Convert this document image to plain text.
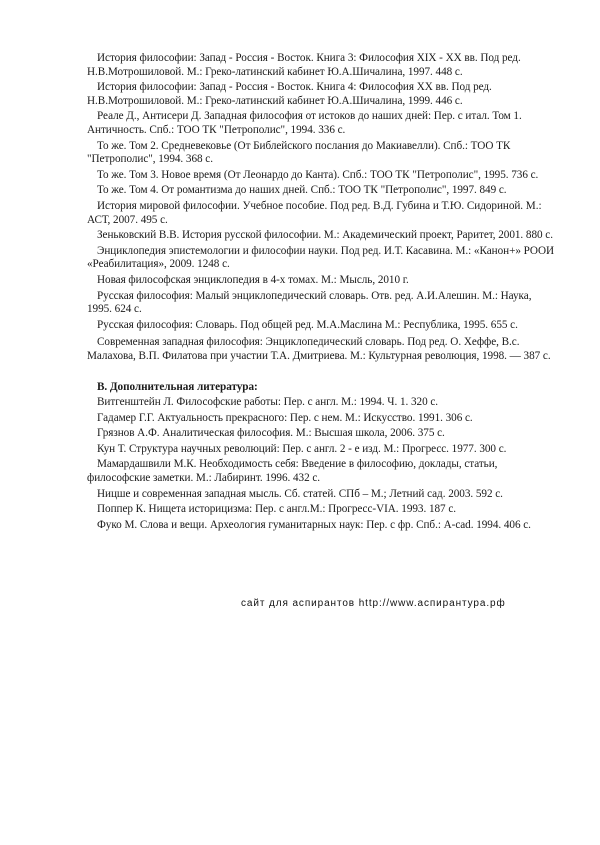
История философии: Запад - Россия - Восток. Книга 3: Философия XIX - XX вв. Под ред. Н.В.Мотрошиловой. М.: Греко-латинский кабинет Ю.А.Шичалина, 1997. 448 с.
История философии: Запад - Россия - Восток. Книга 4: Философия XX вв. Под ред. Н.В.Мотрошиловой. М.: Греко-латинский кабинет Ю.А.Шичалина, 1999. 446 с.
Реале Д., Антисери Д. Западная философия от истоков до наших дней: Пер. с итал. Том 1. Античность. Спб.: ТОО ТК "Петрополис", 1994. 336 с.
То же. Том 2. Средневековье (От Библейского послания до Макиавелли). Спб.: ТОО ТК "Петрополис", 1994. 368 с.
То же. Том 3. Новое время (От Леонардо до Канта). Спб.: ТОО ТК "Петрополис", 1995. 736 с.
То же. Том 4. От романтизма до наших дней. Спб.: ТОО ТК "Петрополис", 1997. 849 с.
История мировой философии. Учебное пособие. Под ред. В.Д. Губина и Т.Ю. Сидориной. М.: АСТ, 2007. 495 с.
Зеньковский В.В. История русской философии. М.: Академический проект, Раритет, 2001. 880 с.
Энциклопедия эпистемологии и философии науки. Под ред. И.Т. Касавина. М.: «Канон+» РООИ «Реабилитация», 2009. 1248 с.
Новая философская энциклопедия в 4-х томах. М.: Мысль, 2010 г.
Русская философия: Малый энциклопедический словарь. Отв. ред. А.И.Алешин. М.: Наука, 1995. 624 с.
Русская философия: Словарь. Под общей ред. М.А.Маслина М.: Республика, 1995. 655 с.
Современная западная философия: Энциклопедический словарь. Под ред. О. Хеффе, В.с. Малахова, В.П. Филатова при участии Т.А. Дмитриева. М.: Культурная революция, 1998. — 387 с.
В. Дополнительная литература:
Витгенштейн Л. Философские работы: Пер. с англ. М.: 1994. Ч. 1. 320 с.
Гадамер Г.Г. Актуальность прекрасного: Пер. с нем. М.: Искусство. 1991. 306 с.
Грязнов А.Ф. Аналитическая философия. М.: Высшая школа, 2006. 375 с.
Кун Т. Структура научных революций: Пер. с англ. 2 - е изд. М.: Прогресс. 1977. 300 с.
Мамардашвили М.К. Необходимость себя: Введение в философию, доклады, статьи, философские заметки. М.: Лабиринт. 1996. 432 с.
Ницше и современная западная мысль. Сб. статей. СПб – М.; Летний сад. 2003. 592 с.
Поппер К. Нищета историцизма: Пер. с англ.М.: Прогресс-VIA. 1993. 187 с.
Фуко М. Слова и вещи. Археология гуманитарных наук: Пер. с фр. Спб.: А-cad. 1994. 406 с.
сайт для аспирантов http://www.аспирантура.рф
